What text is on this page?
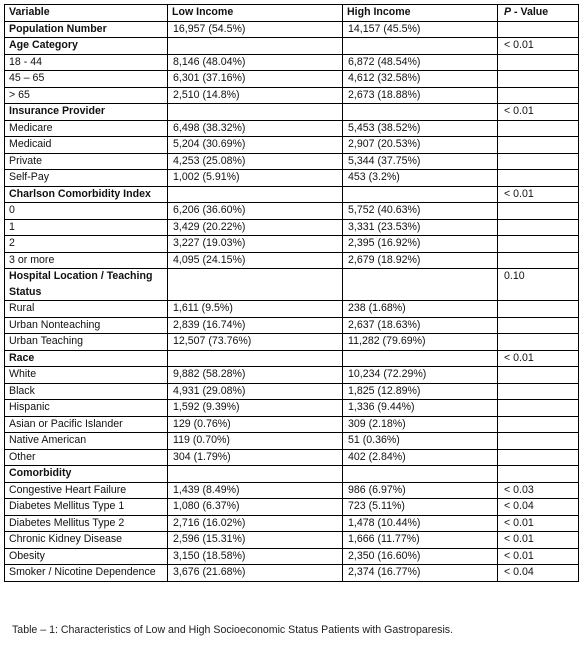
Variable	Low Income	High Income	P - Value
Population Number	16,957 (54.5%)	14,157 (45.5%)	
Age Category			< 0.01
18 - 44	8,146 (48.04%)	6,872 (48.54%)	
45 – 65	6,301 (37.16%)	4,612 (32.58%)	
> 65	2,510 (14.8%)	2,673 (18.88%)	
Insurance Provider			< 0.01
Medicare	6,498 (38.32%)	5,453 (38.52%)	
Medicaid	5,204 (30.69%)	2,907 (20.53%)	
Private	4,253 (25.08%)	5,344 (37.75%)	
Self-Pay	1,002 (5.91%)	453 (3.2%)	
Charlson Comorbidity Index			< 0.01
0	6,206 (36.60%)	5,752 (40.63%)	
1	3,429 (20.22%)	3,331 (23.53%)	
2	3,227 (19.03%)	2,395 (16.92%)	
3 or more	4,095 (24.15%)	2,679 (18.92%)	
Hospital Location / Teaching Status			0.10
Rural	1,611 (9.5%)	238 (1.68%)	
Urban Nonteaching	2,839 (16.74%)	2,637 (18.63%)	
Urban Teaching	12,507 (73.76%)	11,282 (79.69%)	
Race			< 0.01
White	9,882 (58.28%)	10,234 (72.29%)	
Black	4,931 (29.08%)	1,825 (12.89%)	
Hispanic	1,592 (9.39%)	1,336 (9.44%)	
Asian or Pacific Islander	129 (0.76%)	309 (2.18%)	
Native American	119 (0.70%)	51 (0.36%)	
Other	304 (1.79%)	402 (2.84%)	
Comorbidity			
Congestive Heart Failure	1,439 (8.49%)	986 (6.97%)	< 0.03
Diabetes Mellitus Type 1	1,080 (6.37%)	723 (5.11%)	< 0.04
Diabetes Mellitus Type 2	2,716 (16.02%)	1,478 (10.44%)	< 0.01
Chronic Kidney Disease	2,596 (15.31%)	1,666 (11.77%)	< 0.01
Obesity	3,150 (18.58%)	2,350 (16.60%)	< 0.01
Smoker / Nicotine Dependence	3,676 (21.68%)	2,374 (16.77%)	< 0.04
Table – 1: Characteristics of Low and High Socioeconomic Status Patients with Gastroparesis.
